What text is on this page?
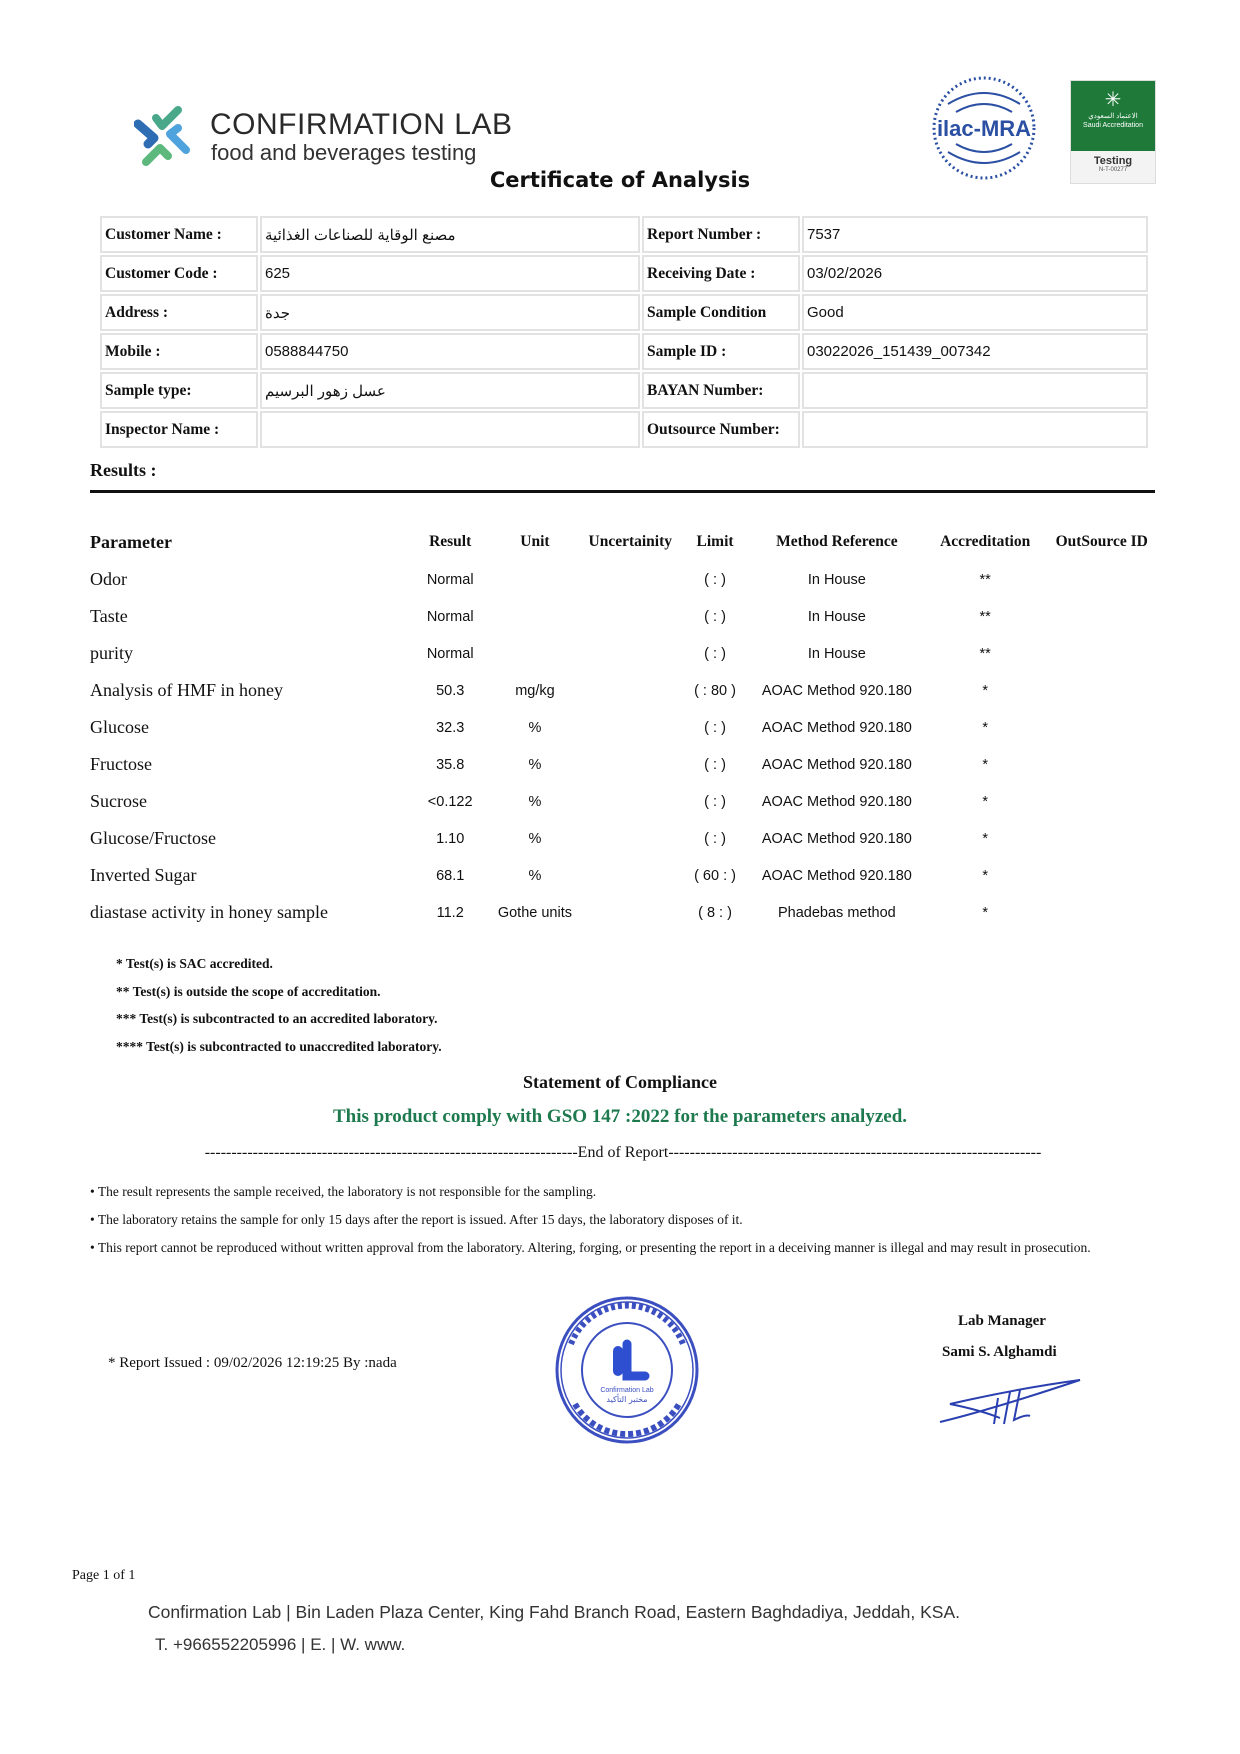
CONFIRMATION LAB
food and beverages testing
ilac-MRA
✳
الاعتماد السعودي
Saudi Accreditation
Testing
N-T-00277
Certificate of Analysis
Customer Name :	مصنع الوقاية للصناعات الغذائية	Report Number :	7537
Customer Code :	625	Receiving Date :	03/02/2026
Address :	جدة	Sample Condition	Good
Mobile :	0588844750	Sample ID :	03022026_151439_007342
Sample type:	عسل زهور البرسيم	BAYAN Number:	
Inspector Name :		Outsource Number:	
Results :
Parameter	Result	Unit	Uncertainity	Limit	Method Reference	Accreditation	OutSource ID
Odor	Normal			( : )	In House	**	
Taste	Normal			( : )	In House	**	
purity	Normal			( : )	In House	**	
Analysis of HMF in honey	50.3	mg/kg		( : 80 )	AOAC Method 920.180	*	
Glucose	32.3	%		( : )	AOAC Method 920.180	*	
Fructose	35.8	%		( : )	AOAC Method 920.180	*	
Sucrose	<0.122	%		( : )	AOAC Method 920.180	*	
Glucose/Fructose	1.10	%		( : )	AOAC Method 920.180	*	
Inverted Sugar	68.1	%		( 60 : )	AOAC Method 920.180	*	
diastase activity in honey sample	11.2	Gothe units		( 8 : )	Phadebas method	*	
* Test(s) is SAC accredited.
** Test(s) is outside the scope of accreditation.
*** Test(s) is subcontracted to an accredited laboratory.
**** Test(s) is subcontracted to unaccredited laboratory.
Statement of Compliance
This product comply with GSO 147 :2022 for the parameters analyzed.
----------------------------------------------------------------------End of Report----------------------------------------------------------------------
• The result represents the sample received, the laboratory is not responsible for the sampling.
• The laboratory retains the sample for only 15 days after the report is issued. After 15 days, the laboratory disposes of it.
• This report cannot be reproduced without written approval from the laboratory. Altering, forging, or presenting the report in a deceiving manner is illegal and may result in prosecution.
* Report Issued : 09/02/2026 12:19:25 By :nada
Confirmation Lab
مختبر التأكيد
Lab Manager
Sami S. Alghamdi
Page 1 of 1
Confirmation Lab | Bin Laden Plaza Center, King Fahd Branch Road, Eastern Baghdadiya, Jeddah, KSA.
T. +966552205996 | E. | W. www.
